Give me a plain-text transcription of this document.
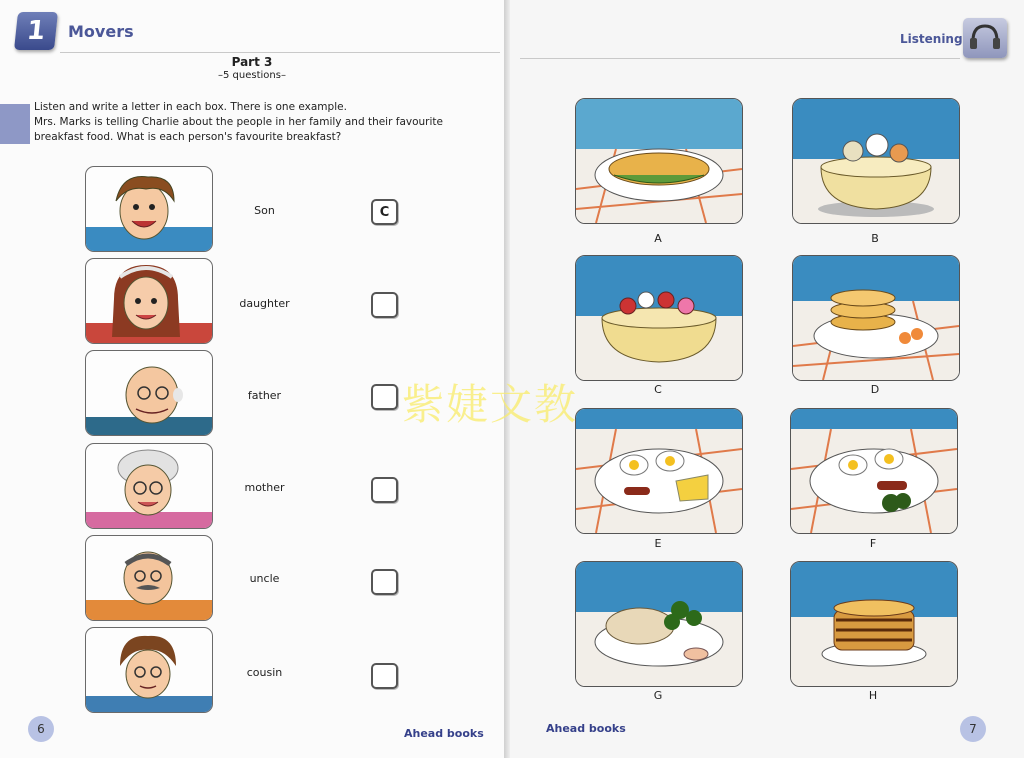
1	Movers
Part 3
–5 questions–
Listen and write a letter in each box. There is one example.
Mrs. Marks is telling Charlie about the people in her family and their favourite
breakfast food. What is each person's favourite breakfast?
Son	C
daughter
father
mother
uncle
cousin
6	Ahead books
Listening
A	B
C	D
E	F
G	H
Ahead books	7
紫婕文教
